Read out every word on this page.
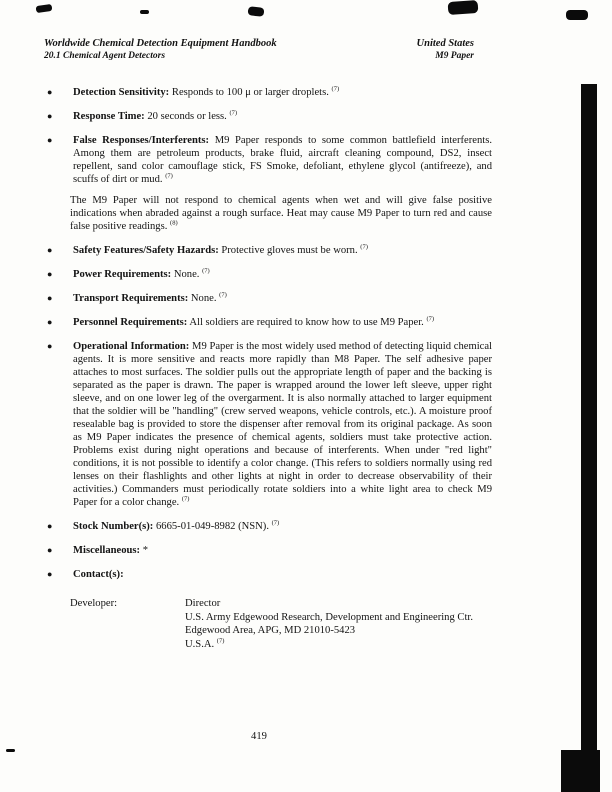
Worldwide Chemical Detection Equipment Handbook
20.1 Chemical Agent Detectors
United States
M9 Paper
●	Detection Sensitivity: Responds to 100 μ or larger droplets. $^{(7)}$

●	Response Time: 20 seconds or less. $^{(7)}$

●	False Responses/Interferents: M9 Paper responds to some common battlefield interferents. Among them are petroleum products, brake fluid, aircraft cleaning compound, DS2, insect repellent, sand color camouflage stick, FS Smoke, defoliant, ethylene glycol (antifreeze), and scuffs of dirt or mud. $^{(7)}$

The M9 Paper will not respond to chemical agents when wet and will give false positive indications when abraded against a rough surface. Heat may cause M9 Paper to turn red and cause false positive readings. $^{(8)}$

●	Safety Features/Safety Hazards: Protective gloves must be worn. $^{(7)}$

●	Power Requirements: None. $^{(7)}$

●	Transport Requirements: None. $^{(7)}$

●	Personnel Requirements: All soldiers are required to know how to use M9 Paper. $^{(7)}$

●	Operational Information: M9 Paper is the most widely used method of detecting liquid chemical agents. It is more sensitive and reacts more rapidly than M8 Paper. The self adhesive paper attaches to most surfaces. The soldier pulls out the appropriate length of paper and the backing is separated as the paper is drawn. The paper is wrapped around the lower left sleeve, upper right sleeve, and on one lower leg of the overgarment. It is also normally attached to larger equipment that the soldier will be "handling" (crew served weapons, vehicle controls, etc.). A moisture proof resealable bag is provided to store the dispenser after removal from its original package. As soon as M9 Paper indicates the presence of chemical agents, soldiers must take protective action. Problems exist during night operations and because of interferents. When under "red light" conditions, it is not possible to identify a color change. (This refers to soldiers normally using red lenses on their flashlights and other lights at night in order to decrease observability of their activities.) Commanders must periodically rotate soldiers into a white light area to check M9 Paper for a color change. $^{(7)}$

●	Stock Number(s): 6665-01-049-8982 (NSN). $^{(7)}$

●	Miscellaneous: *

●	Contact(s):

Developer:	Director
U.S. Army Edgewood Research, Development and Engineering Ctr.
Edgewood Area, APG, MD 21010-5423
U.S.A. $^{(7)}$
419
